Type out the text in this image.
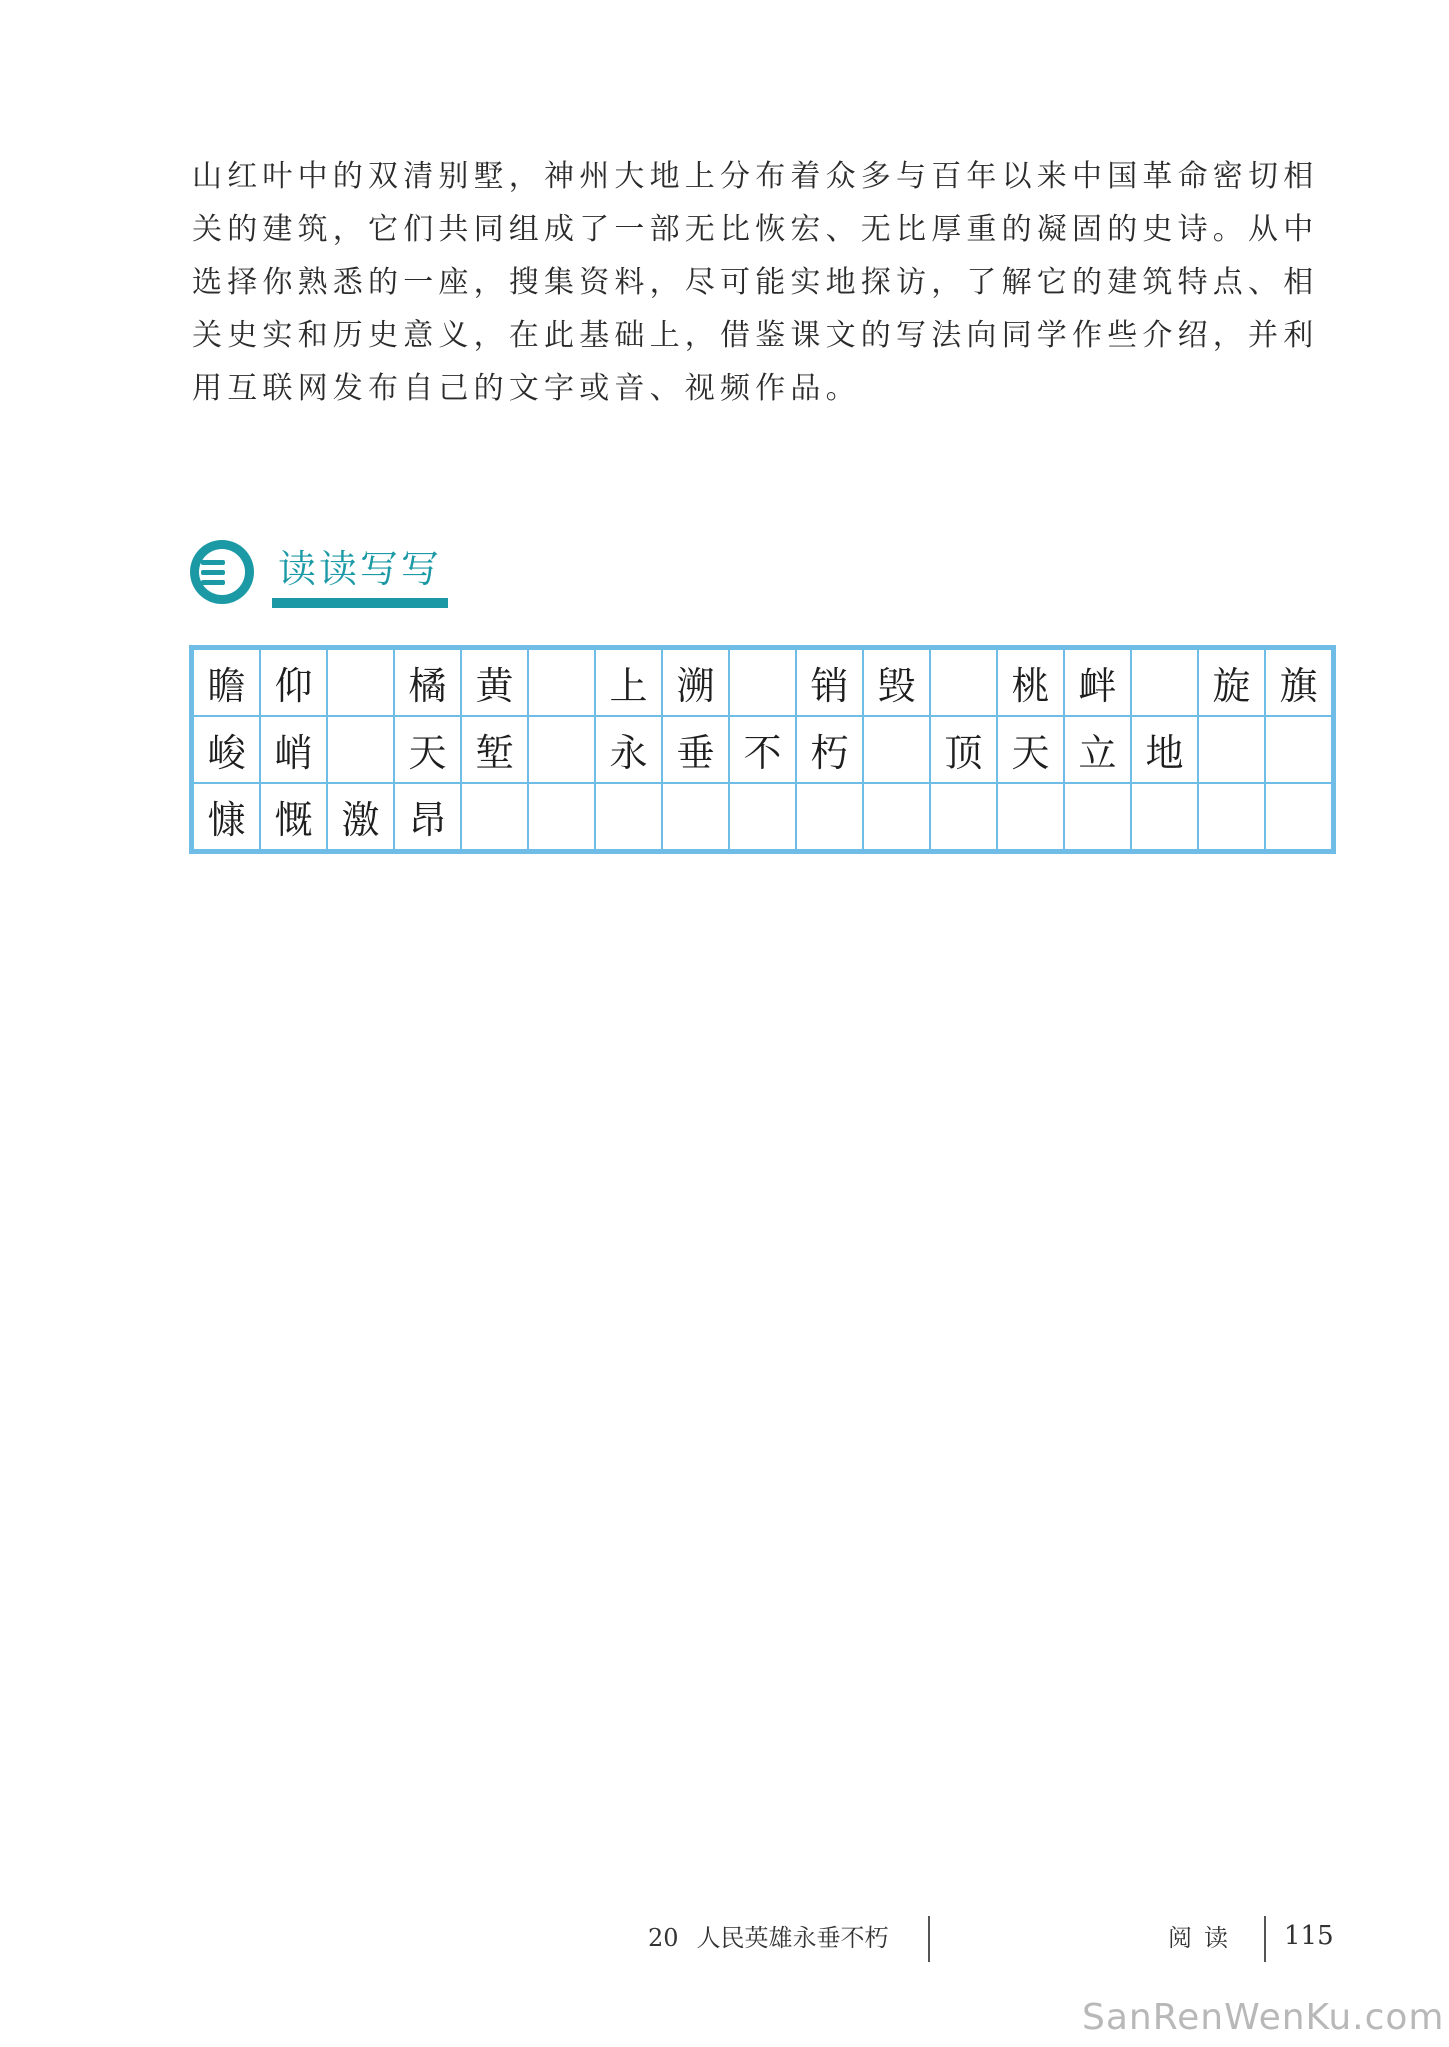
山红叶中的双清别墅，神州大地上分布着众多与百年以来中国革命密切相
关的建筑，它们共同组成了一部无比恢宏、无比厚重的凝固的史诗。从中
选择你熟悉的一座，搜集资料，尽可能实地探访，了解它的建筑特点、相
关史实和历史意义，在此基础上，借鉴课文的写法向同学作些介绍，并利
用互联网发布自己的文字或音、视频作品。
读读写写
瞻	仰		橘	黄		上	溯		销	毁		桃	衅		旋	旗
峻	峭		天	堑		永	垂	不	朽		顶	天	立	地		
慷	慨	激	昂													
20 人民英雄永垂不朽	阅读 115
SanRenWenKu.com
